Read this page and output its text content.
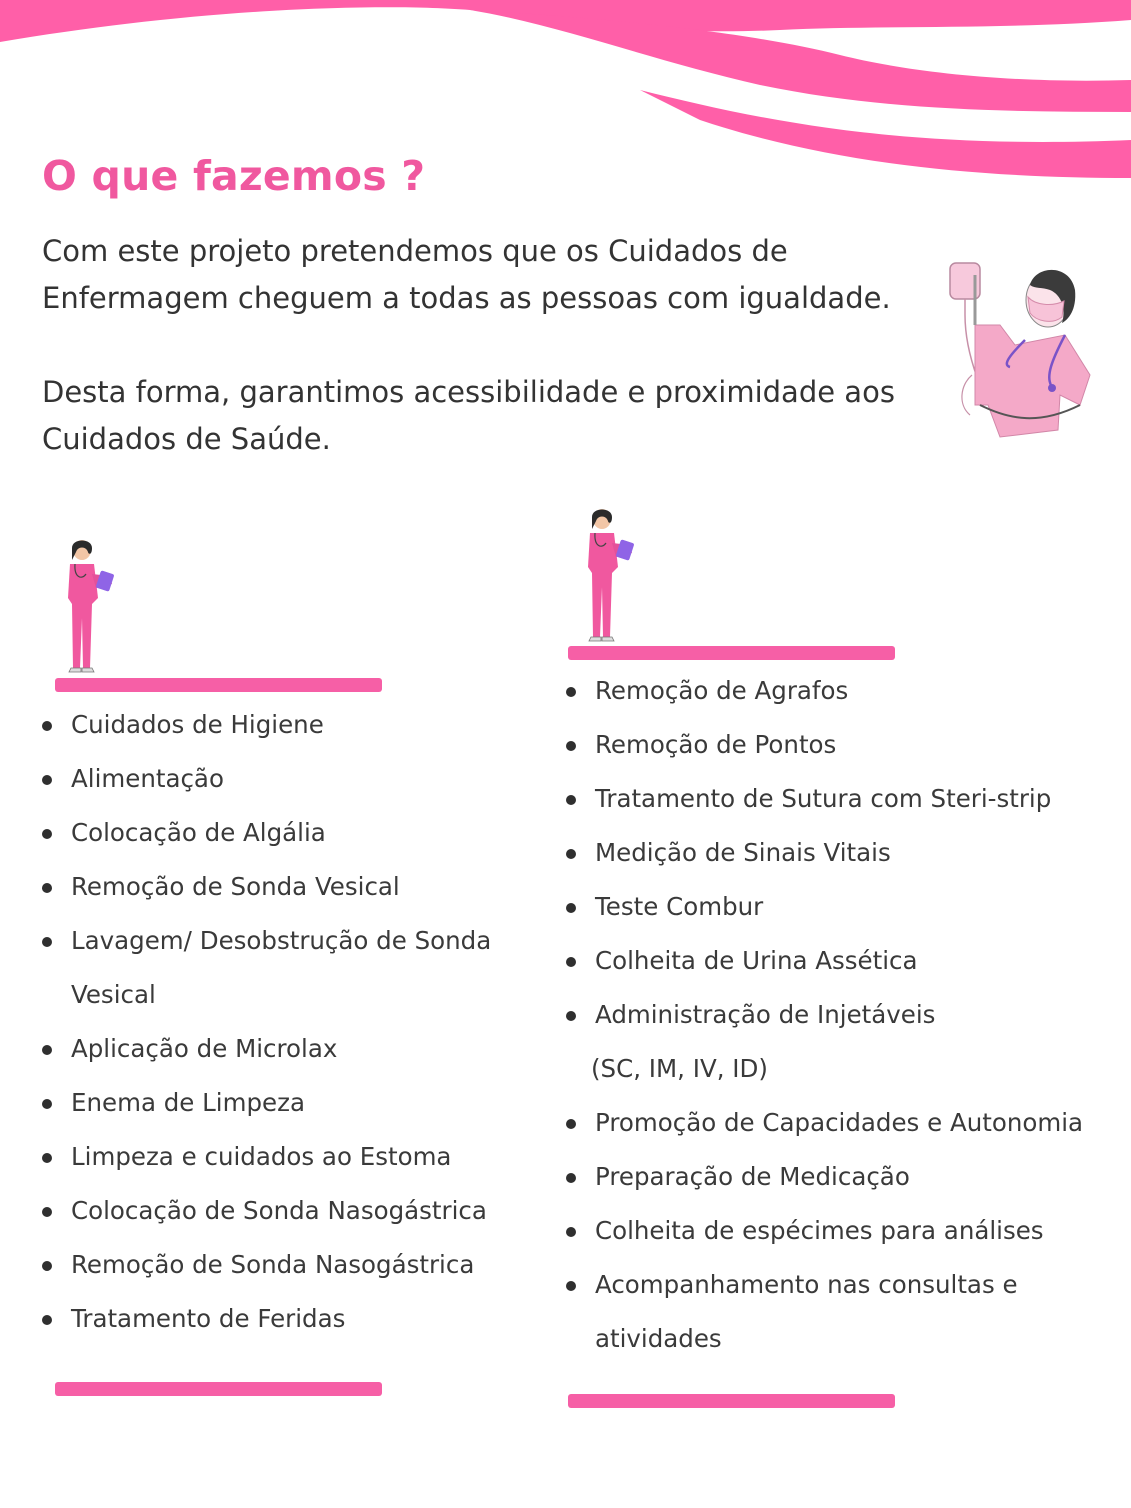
O que fazemos ?

Com este projeto pretendemos que os Cuidados de Enfermagem cheguem a todas as pessoas com igualdade.

Desta forma, garantimos acessibilidade e proximidade aos Cuidados de Saúde.

Cuidados de Higiene
Alimentação
Colocação de Algália
Remoção de Sonda Vesical
Lavagem/ Desobstrução de Sonda Vesical
Aplicação de Microlax
Enema de Limpeza
Limpeza e cuidados ao Estoma
Colocação de Sonda Nasogástrica
Remoção de Sonda Nasogástrica
Tratamento de Feridas
Remoção de Agrafos
Remoção de Pontos
Tratamento de Sutura com Steri-strip
Medição de Sinais Vitais
Teste Combur
Colheita de Urina Assética
Administração de Injetáveis
(SC, IM, IV, ID)
Promoção de Capacidades e Autonomia
Preparação de Medicação
Colheita de espécimes para análises
Acompanhamento nas consultas e atividades
